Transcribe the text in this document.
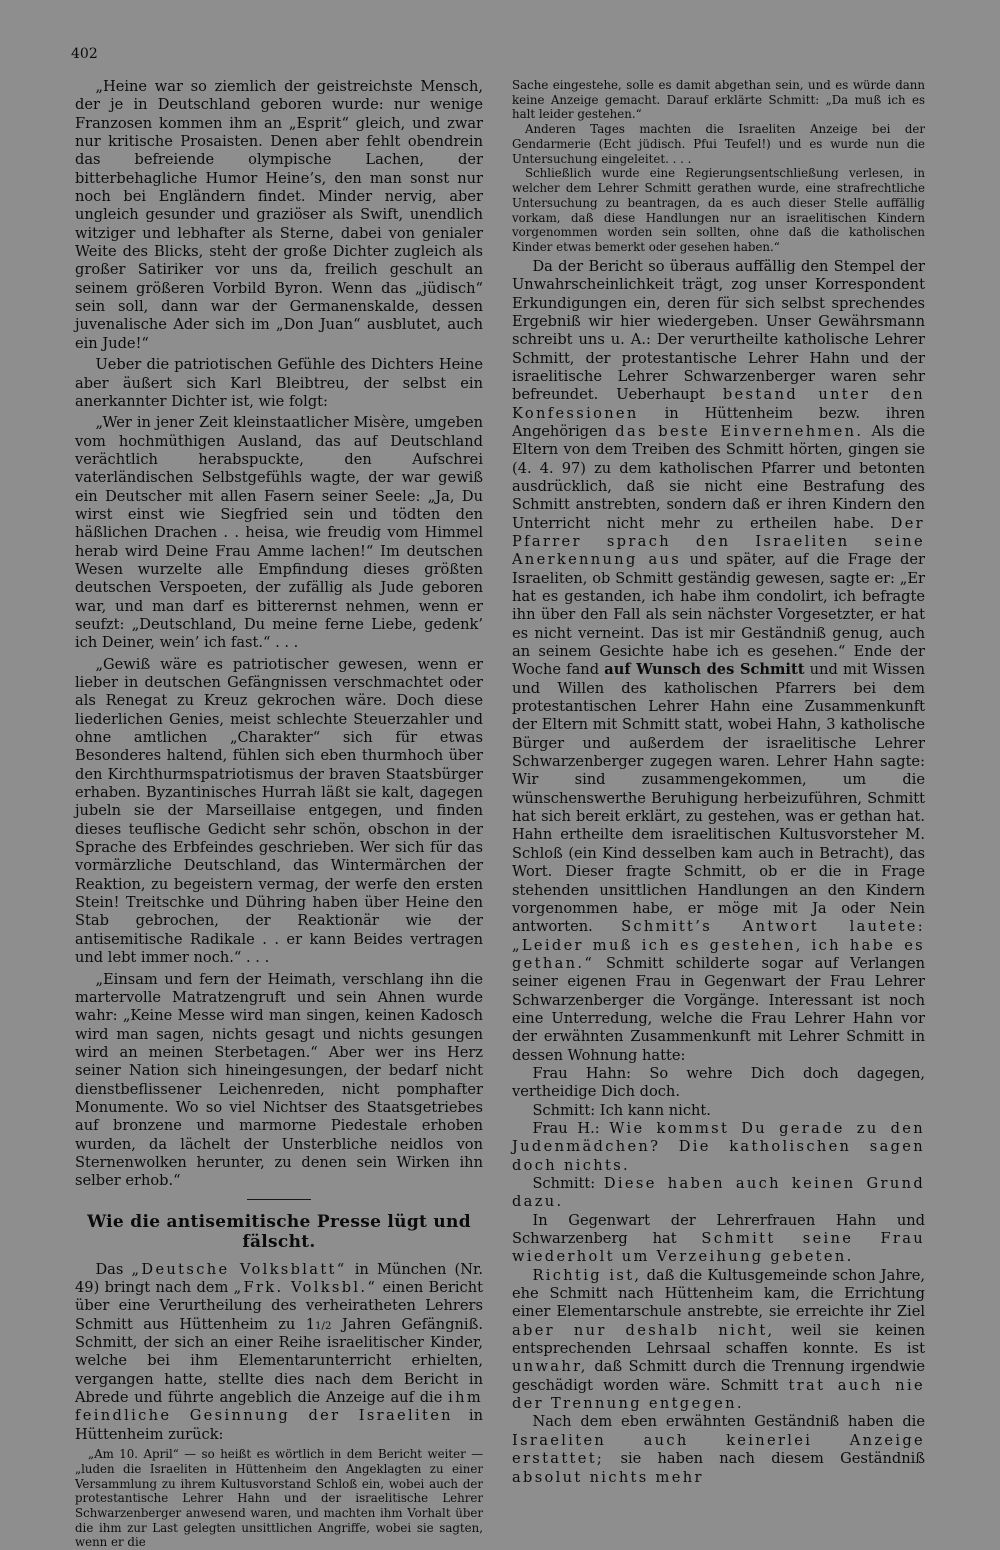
402

„Heine war so ziemlich der geistreichste Mensch, der je in Deutschland geboren wurde: nur wenige Franzosen kommen ihm an „Esprit“ gleich, und zwar nur kritische Prosaisten. Denen aber fehlt obendrein das befreiende olympische Lachen, der bitterbehagliche Humor Heine’s, den man sonst nur noch bei Engländern findet. Minder nervig, aber ungleich gesunder und graziöser als Swift, unendlich witziger und lebhafter als Sterne, dabei von genialer Weite des Blicks, steht der große Dichter zugleich als großer Satiriker vor uns da, freilich geschult an seinem größeren Vorbild Byron. Wenn das „jüdisch“ sein soll, dann war der Germanenskalde, dessen juvenalische Ader sich im „Don Juan“ ausblutet, auch ein Jude!“

Ueber die patriotischen Gefühle des Dichters Heine aber äußert sich Karl Bleibtreu, der selbst ein anerkannter Dichter ist, wie folgt:

„Wer in jener Zeit kleinstaatlicher Misère, umgeben vom hochmüthigen Ausland, das auf Deutschland verächtlich herabspuckte, den Aufschrei vaterländischen Selbstgefühls wagte, der war gewiß ein Deutscher mit allen Fasern seiner Seele: „Ja, Du wirst einst wie Siegfried sein und tödten den häßlichen Drachen . . heisa, wie freudig vom Himmel herab wird Deine Frau Amme lachen!“ Im deutschen Wesen wurzelte alle Empfindung dieses größten deutschen Verspoeten, der zufällig als Jude geboren war, und man darf es bitterernst nehmen, wenn er seufzt: „Deutschland, Du meine ferne Liebe, gedenk’ ich Deiner, wein’ ich fast.“ . . .

„Gewiß wäre es patriotischer gewesen, wenn er lieber in deutschen Gefängnissen verschmachtet oder als Renegat zu Kreuz gekrochen wäre. Doch diese liederlichen Genies, meist schlechte Steuerzahler und ohne amtlichen „Charakter“ sich für etwas Besonderes haltend, fühlen sich eben thurmhoch über den Kirchthurmspatriotismus der braven Staatsbürger erhaben. Byzantinisches Hurrah läßt sie kalt, dagegen jubeln sie der Marseillaise entgegen, und finden dieses teuflische Gedicht sehr schön, obschon in der Sprache des Erbfeindes geschrieben. Wer sich für das vormärzliche Deutschland, das Wintermärchen der Reaktion, zu begeistern vermag, der werfe den ersten Stein! Treitschke und Dühring haben über Heine den Stab gebrochen, der Reaktionär wie der antisemitische Radikale . . er kann Beides vertragen und lebt immer noch.“ . . .

„Einsam und fern der Heimath, verschlang ihn die martervolle Matratzengruft und sein Ahnen wurde wahr: „Keine Messe wird man singen, keinen Kadosch wird man sagen, nichts gesagt und nichts gesungen wird an meinen Sterbetagen.“ Aber wer ins Herz seiner Nation sich hineingesungen, der bedarf nicht dienstbeflissener Leichenreden, nicht pomphafter Monumente. Wo so viel Nichtser des Staatsgetriebes auf bronzene und marmorne Piedestale erhoben wurden, da lächelt der Unsterbliche neidlos von Sternenwolken herunter, zu denen sein Wirken ihn selber erhob.“

Wie die antisemitische Presse lügt und fälscht.

Das „Deutsche Volksblatt“ in München (Nr. 49) bringt nach dem „Frk. Volksbl.“ einen Bericht über eine Verurtheilung des verheiratheten Lehrers Schmitt aus Hüttenheim zu 11/2 Jahren Gefängniß. Schmitt, der sich an einer Reihe israelitischer Kinder, welche bei ihm Elementarunterricht erhielten, vergangen hatte, stellte dies nach dem Bericht in Abrede und führte angeblich die Anzeige auf die ihm feindliche Gesinnung der Israeliten in Hüttenheim zurück:

„Am 10. April“ — so heißt es wörtlich in dem Bericht weiter — „luden die Israeliten in Hüttenheim den Angeklagten zu einer Versammlung zu ihrem Kultusvorstand Schloß ein, wobei auch der protestantische Lehrer Hahn und der israelitische Lehrer Schwarzenberger anwesend waren, und machten ihm Vorhalt über die ihm zur Last gelegten unsittlichen Angriffe, wobei sie sagten, wenn er die

Sache eingestehe, solle es damit abgethan sein, und es würde dann keine Anzeige gemacht. Darauf erklärte Schmitt: „Da muß ich es halt leider gestehen.“

Anderen Tages machten die Israeliten Anzeige bei der Gendarmerie (Echt jüdisch. Pfui Teufel!) und es wurde nun die Untersuchung eingeleitet. . . .

Schließlich wurde eine Regierungsentschließung verlesen, in welcher dem Lehrer Schmitt gerathen wurde, eine strafrechtliche Untersuchung zu beantragen, da es auch dieser Stelle auffällig vorkam, daß diese Handlungen nur an israelitischen Kindern vorgenommen worden sein sollten, ohne daß die katholischen Kinder etwas bemerkt oder gesehen haben.“

Da der Bericht so überaus auffällig den Stempel der Unwahrscheinlichkeit trägt, zog unser Korrespondent Erkundigungen ein, deren für sich selbst sprechendes Ergebniß wir hier wiedergeben. Unser Gewährsmann schreibt uns u. A.: Der verurtheilte katholische Lehrer Schmitt, der protestantische Lehrer Hahn und der israelitische Lehrer Schwarzenberger waren sehr befreundet. Ueberhaupt bestand unter den Konfessionen in Hüttenheim bezw. ihren Angehörigen das beste Einvernehmen. Als die Eltern von dem Treiben des Schmitt hörten, gingen sie (4. 4. 97) zu dem katholischen Pfarrer und betonten ausdrücklich, daß sie nicht eine Bestrafung des Schmitt anstrebten, sondern daß er ihren Kindern den Unterricht nicht mehr zu ertheilen habe. Der Pfarrer sprach den Israeliten seine Anerkennung aus und später, auf die Frage der Israeliten, ob Schmitt geständig gewesen, sagte er: „Er hat es gestanden, ich habe ihm condolirt, ich befragte ihn über den Fall als sein nächster Vorgesetzter, er hat es nicht verneint. Das ist mir Geständniß genug, auch an seinem Gesichte habe ich es gesehen.“ Ende der Woche fand auf Wunsch des Schmitt und mit Wissen und Willen des katholischen Pfarrers bei dem protestantischen Lehrer Hahn eine Zusammenkunft der Eltern mit Schmitt statt, wobei Hahn, 3 katholische Bürger und außerdem der israelitische Lehrer Schwarzenberger zugegen waren. Lehrer Hahn sagte: Wir sind zusammengekommen, um die wünschenswerthe Beruhigung herbeizuführen, Schmitt hat sich bereit erklärt, zu gestehen, was er gethan hat. Hahn ertheilte dem israelitischen Kultusvorsteher M. Schloß (ein Kind desselben kam auch in Betracht), das Wort. Dieser fragte Schmitt, ob er die in Frage stehenden unsittlichen Handlungen an den Kindern vorgenommen habe, er möge mit Ja oder Nein antworten. Schmitt’s Antwort lautete: „Leider muß ich es gestehen, ich habe es gethan.“ Schmitt schilderte sogar auf Verlangen seiner eigenen Frau in Gegenwart der Frau Lehrer Schwarzenberger die Vorgänge. Interessant ist noch eine Unterredung, welche die Frau Lehrer Hahn vor der erwähnten Zusammenkunft mit Lehrer Schmitt in dessen Wohnung hatte:

Frau Hahn: So wehre Dich doch dagegen, vertheidige Dich doch.

Schmitt: Ich kann nicht.

Frau H.: Wie kommst Du gerade zu den Judenmädchen? Die katholischen sagen doch nichts.

Schmitt: Diese haben auch keinen Grund dazu.

In Gegenwart der Lehrerfrauen Hahn und Schwarzenberg hat Schmitt seine Frau wiederholt um Verzeihung gebeten.

Richtig ist, daß die Kultusgemeinde schon Jahre, ehe Schmitt nach Hüttenheim kam, die Errichtung einer Elementarschule anstrebte, sie erreichte ihr Ziel aber nur deshalb nicht, weil sie keinen entsprechenden Lehrsaal schaffen konnte. Es ist unwahr, daß Schmitt durch die Trennung irgendwie geschädigt worden wäre. Schmitt trat auch nie der Trennung entgegen.

Nach dem eben erwähnten Geständniß haben die Israeliten auch keinerlei Anzeige erstattet; sie haben nach diesem Geständniß absolut nichts mehr
